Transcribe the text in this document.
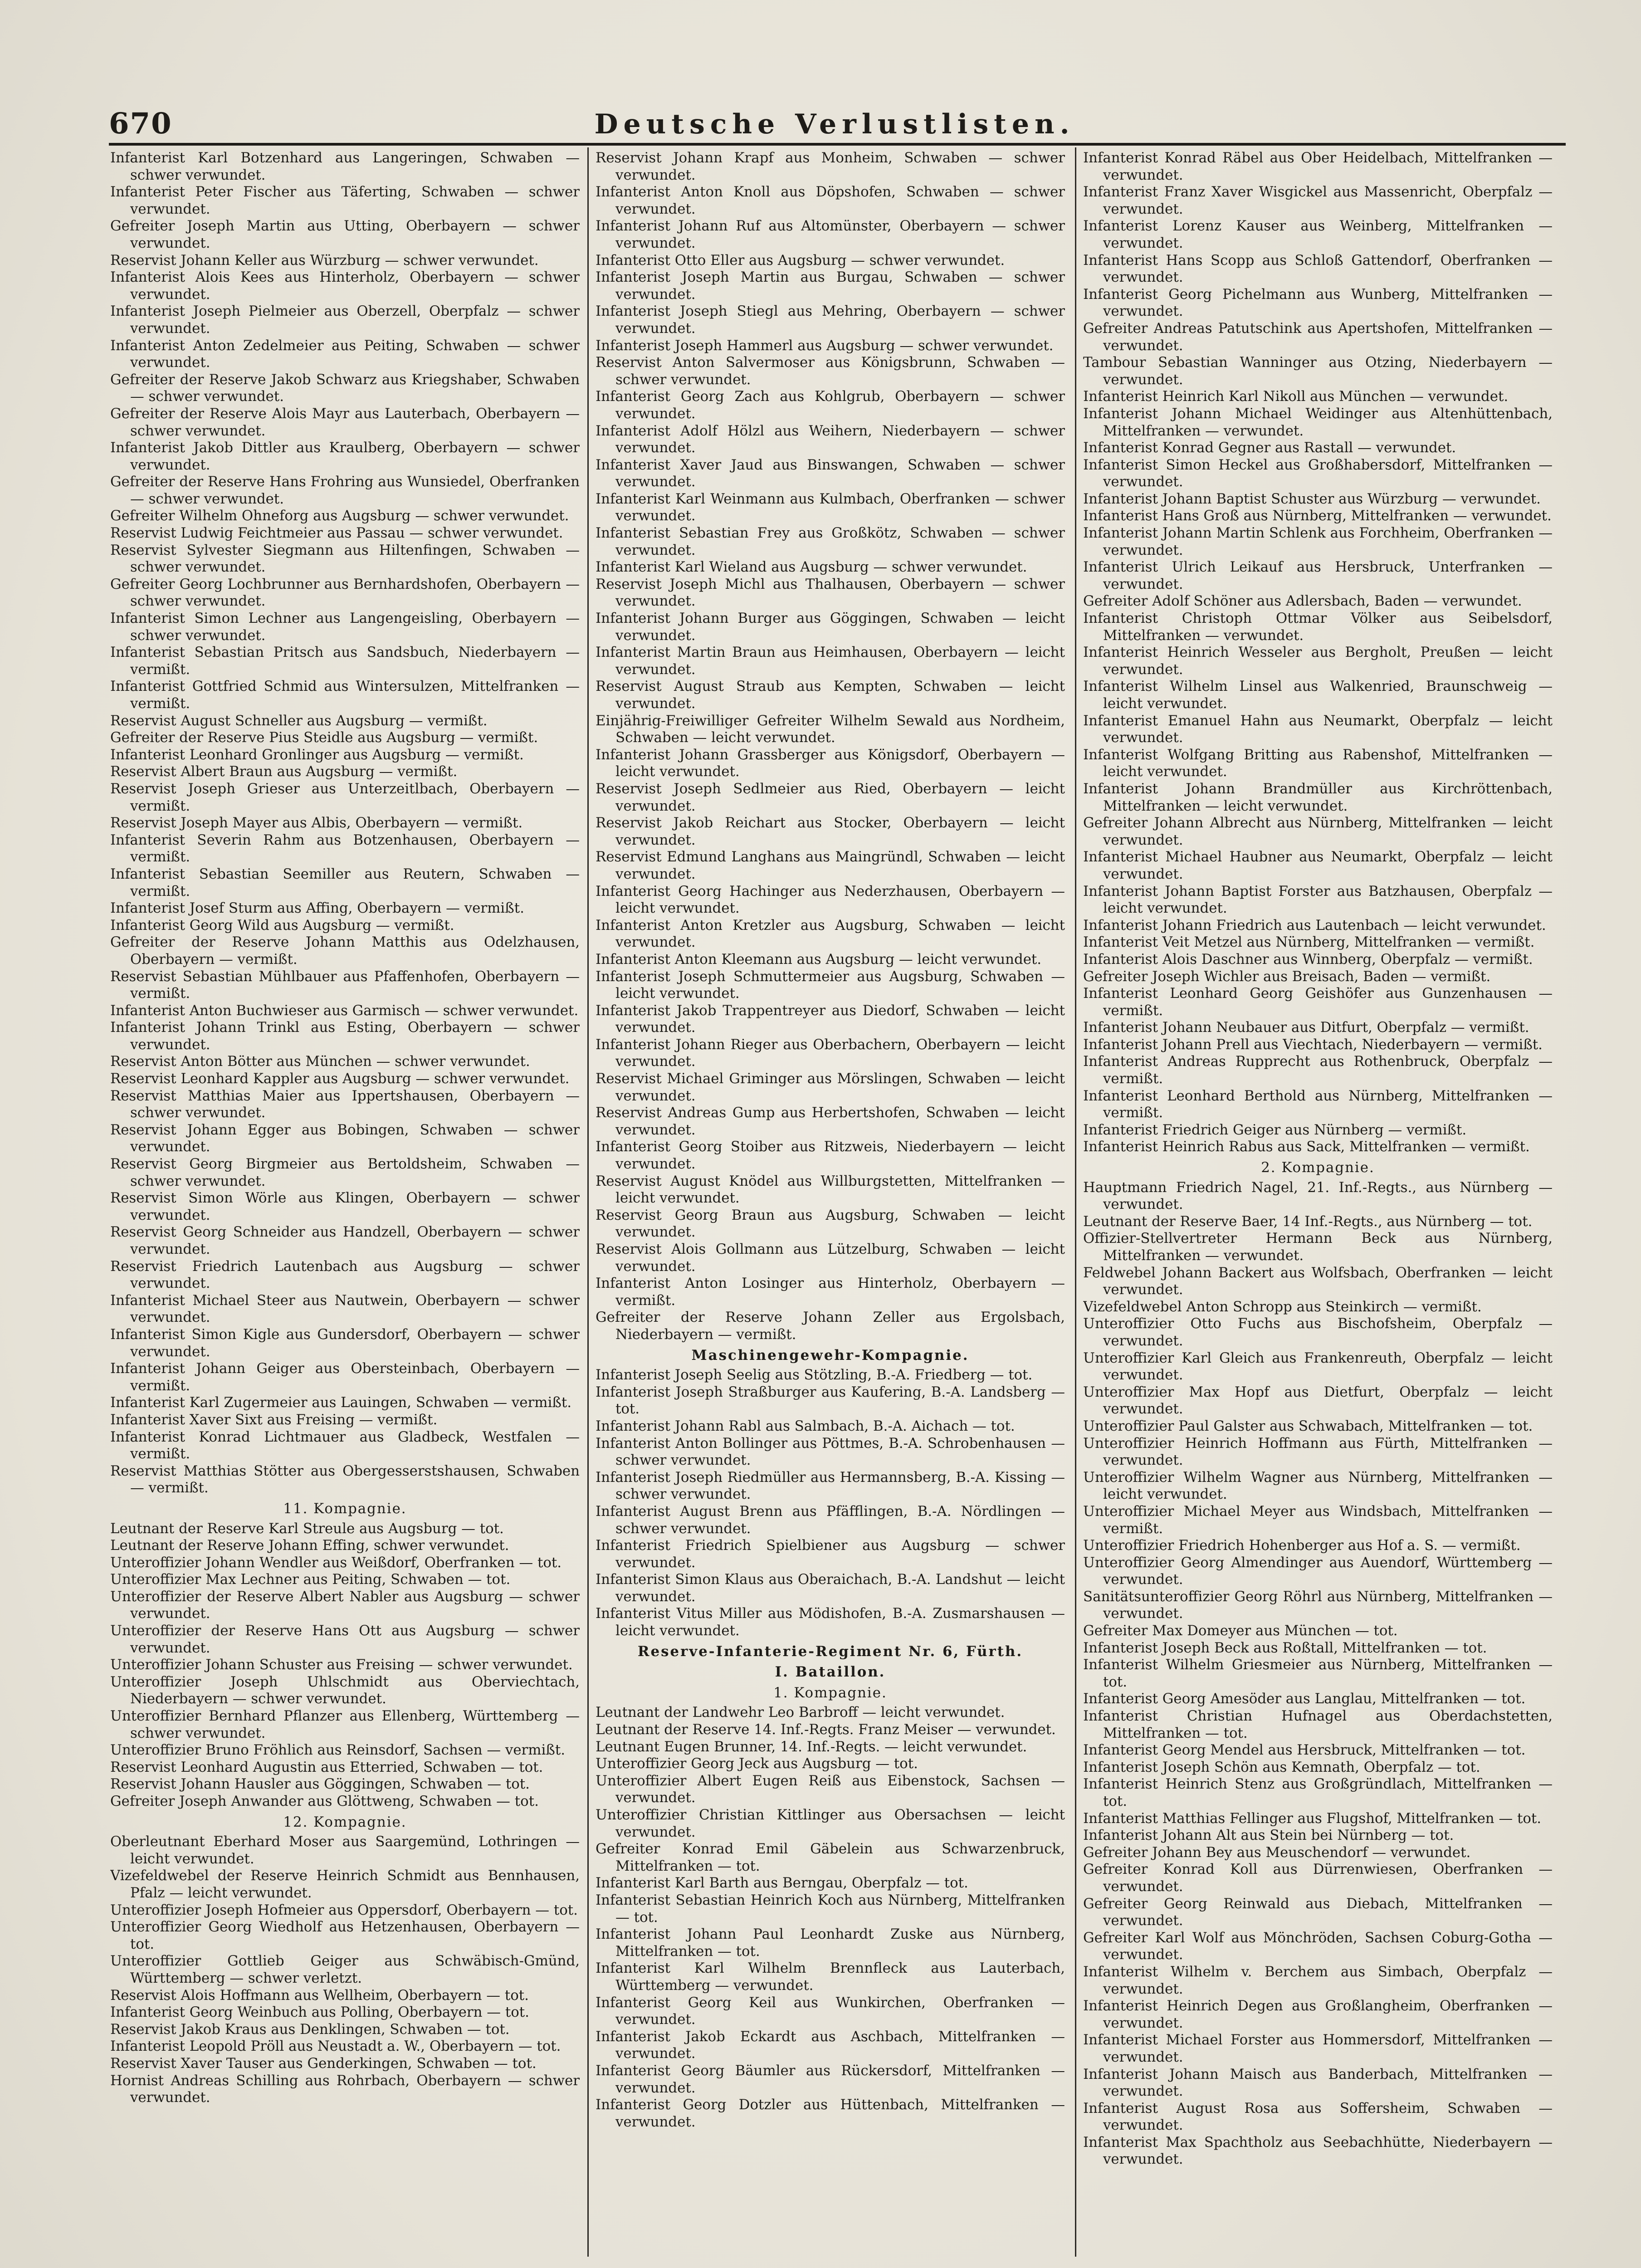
670	Deutsche Verlustlisten.

Infanterist Karl Botzenhard aus Langeringen, Schwaben — schwer verwundet.

Infanterist Peter Fischer aus Täferting, Schwaben — schwer verwundet.

Gefreiter Joseph Martin aus Utting, Oberbayern — schwer verwundet.

Reservist Johann Keller aus Würzburg — schwer verwundet.

Infanterist Alois Kees aus Hinterholz, Oberbayern — schwer verwundet.

Infanterist Joseph Pielmeier aus Oberzell, Oberpfalz — schwer verwundet.

Infanterist Anton Zedelmeier aus Peiting, Schwaben — schwer verwundet.

Gefreiter der Reserve Jakob Schwarz aus Kriegshaber, Schwaben — schwer verwundet.

Gefreiter der Reserve Alois Mayr aus Lauterbach, Oberbayern — schwer verwundet.

Infanterist Jakob Dittler aus Kraulberg, Oberbayern — schwer verwundet.

Gefreiter der Reserve Hans Frohring aus Wunsiedel, Oberfranken — schwer verwundet.

Gefreiter Wilhelm Ohneforg aus Augsburg — schwer verwundet.

Reservist Ludwig Feichtmeier aus Passau — schwer verwundet.

Reservist Sylvester Siegmann aus Hiltenfingen, Schwaben — schwer verwundet.

Gefreiter Georg Lochbrunner aus Bernhardshofen, Oberbayern — schwer verwundet.

Infanterist Simon Lechner aus Langengeisling, Oberbayern — schwer verwundet.

Infanterist Sebastian Pritsch aus Sandsbuch, Niederbayern — vermißt.

Infanterist Gottfried Schmid aus Wintersulzen, Mittelfranken — vermißt.

Reservist August Schneller aus Augsburg — vermißt.

Gefreiter der Reserve Pius Steidle aus Augsburg — vermißt.

Infanterist Leonhard Gronlinger aus Augsburg — vermißt.

Reservist Albert Braun aus Augsburg — vermißt.

Reservist Joseph Grieser aus Unterzeitlbach, Oberbayern — vermißt.

Reservist Joseph Mayer aus Albis, Oberbayern — vermißt.

Infanterist Severin Rahm aus Botzenhausen, Oberbayern — vermißt.

Infanterist Sebastian Seemiller aus Reutern, Schwaben — vermißt.

Infanterist Josef Sturm aus Affing, Oberbayern — vermißt.

Infanterist Georg Wild aus Augsburg — vermißt.

Gefreiter der Reserve Johann Matthis aus Odelzhausen, Oberbayern — vermißt.

Reservist Sebastian Mühlbauer aus Pfaffenhofen, Oberbayern — vermißt.

Infanterist Anton Buchwieser aus Garmisch — schwer verwundet.

Infanterist Johann Trinkl aus Esting, Oberbayern — schwer verwundet.

Reservist Anton Bötter aus München — schwer verwundet.

Reservist Leonhard Kappler aus Augsburg — schwer verwundet.

Reservist Matthias Maier aus Ippertshausen, Oberbayern — schwer verwundet.

Reservist Johann Egger aus Bobingen, Schwaben — schwer verwundet.

Reservist Georg Birgmeier aus Bertoldsheim, Schwaben — schwer verwundet.

Reservist Simon Wörle aus Klingen, Oberbayern — schwer verwundet.

Reservist Georg Schneider aus Handzell, Oberbayern — schwer verwundet.

Reservist Friedrich Lautenbach aus Augsburg — schwer verwundet.

Infanterist Michael Steer aus Nautwein, Oberbayern — schwer verwundet.

Infanterist Simon Kigle aus Gundersdorf, Oberbayern — schwer verwundet.

Infanterist Johann Geiger aus Obersteinbach, Oberbayern — vermißt.

Infanterist Karl Zugermeier aus Lauingen, Schwaben — vermißt.

Infanterist Xaver Sixt aus Freising — vermißt.

Infanterist Konrad Lichtmauer aus Gladbeck, Westfalen — vermißt.

Reservist Matthias Stötter aus Obergesserstshausen, Schwaben — vermißt.

11. Kompagnie.

Leutnant der Reserve Karl Streule aus Augsburg — tot.

Leutnant der Reserve Johann Effing, schwer verwundet.

Unteroffizier Johann Wendler aus Weißdorf, Oberfranken — tot.

Unteroffizier Max Lechner aus Peiting, Schwaben — tot.

Unteroffizier der Reserve Albert Nabler aus Augsburg — schwer verwundet.

Unteroffizier der Reserve Hans Ott aus Augsburg — schwer verwundet.

Unteroffizier Johann Schuster aus Freising — schwer verwundet.

Unteroffizier Joseph Uhlschmidt aus Oberviechtach, Niederbayern — schwer verwundet.

Unteroffizier Bernhard Pflanzer aus Ellenberg, Württemberg — schwer verwundet.

Unteroffizier Bruno Fröhlich aus Reinsdorf, Sachsen — vermißt.

Reservist Leonhard Augustin aus Etterried, Schwaben — tot.

Reservist Johann Hausler aus Göggingen, Schwaben — tot.

Gefreiter Joseph Anwander aus Glöttweng, Schwaben — tot.

12. Kompagnie.

Oberleutnant Eberhard Moser aus Saargemünd, Lothringen — leicht verwundet.

Vizefeldwebel der Reserve Heinrich Schmidt aus Bennhausen, Pfalz — leicht verwundet.

Unteroffizier Joseph Hofmeier aus Oppersdorf, Oberbayern — tot.

Unteroffizier Georg Wiedholf aus Hetzenhausen, Oberbayern — tot.

Unteroffizier Gottlieb Geiger aus Schwäbisch-Gmünd, Württemberg — schwer verletzt.

Reservist Alois Hoffmann aus Wellheim, Oberbayern — tot.

Infanterist Georg Weinbuch aus Polling, Oberbayern — tot.

Reservist Jakob Kraus aus Denklingen, Schwaben — tot.

Infanterist Leopold Pröll aus Neustadt a. W., Oberbayern — tot.

Reservist Xaver Tauser aus Genderkingen, Schwaben — tot.

Hornist Andreas Schilling aus Rohrbach, Oberbayern — schwer verwundet.

Reservist Johann Krapf aus Monheim, Schwaben — schwer verwundet.

Infanterist Anton Knoll aus Döpshofen, Schwaben — schwer verwundet.

Infanterist Johann Ruf aus Altomünster, Oberbayern — schwer verwundet.

Infanterist Otto Eller aus Augsburg — schwer verwundet.

Infanterist Joseph Martin aus Burgau, Schwaben — schwer verwundet.

Infanterist Joseph Stiegl aus Mehring, Oberbayern — schwer verwundet.

Infanterist Joseph Hammerl aus Augsburg — schwer verwundet.

Reservist Anton Salvermoser aus Königsbrunn, Schwaben — schwer verwundet.

Infanterist Georg Zach aus Kohlgrub, Oberbayern — schwer verwundet.

Infanterist Adolf Hölzl aus Weihern, Niederbayern — schwer verwundet.

Infanterist Xaver Jaud aus Binswangen, Schwaben — schwer verwundet.

Infanterist Karl Weinmann aus Kulmbach, Oberfranken — schwer verwundet.

Infanterist Sebastian Frey aus Großkötz, Schwaben — schwer verwundet.

Infanterist Karl Wieland aus Augsburg — schwer verwundet.

Reservist Joseph Michl aus Thalhausen, Oberbayern — schwer verwundet.

Infanterist Johann Burger aus Göggingen, Schwaben — leicht verwundet.

Infanterist Martin Braun aus Heimhausen, Oberbayern — leicht verwundet.

Reservist August Straub aus Kempten, Schwaben — leicht verwundet.

Einjährig-Freiwilliger Gefreiter Wilhelm Sewald aus Nordheim, Schwaben — leicht verwundet.

Infanterist Johann Grassberger aus Königsdorf, Oberbayern — leicht verwundet.

Reservist Joseph Sedlmeier aus Ried, Oberbayern — leicht verwundet.

Reservist Jakob Reichart aus Stocker, Oberbayern — leicht verwundet.

Reservist Edmund Langhans aus Maingründl, Schwaben — leicht verwundet.

Infanterist Georg Hachinger aus Nederzhausen, Oberbayern — leicht verwundet.

Infanterist Anton Kretzler aus Augsburg, Schwaben — leicht verwundet.

Infanterist Anton Kleemann aus Augsburg — leicht verwundet.

Infanterist Joseph Schmuttermeier aus Augsburg, Schwaben — leicht verwundet.

Infanterist Jakob Trappentreyer aus Diedorf, Schwaben — leicht verwundet.

Infanterist Johann Rieger aus Oberbachern, Oberbayern — leicht verwundet.

Reservist Michael Griminger aus Mörslingen, Schwaben — leicht verwundet.

Reservist Andreas Gump aus Herbertshofen, Schwaben — leicht verwundet.

Infanterist Georg Stoiber aus Ritzweis, Niederbayern — leicht verwundet.

Reservist August Knödel aus Willburgstetten, Mittelfranken — leicht verwundet.

Reservist Georg Braun aus Augsburg, Schwaben — leicht verwundet.

Reservist Alois Gollmann aus Lützelburg, Schwaben — leicht verwundet.

Infanterist Anton Losinger aus Hinterholz, Oberbayern — vermißt.

Gefreiter der Reserve Johann Zeller aus Ergolsbach, Niederbayern — vermißt.

Maschinengewehr-Kompagnie.

Infanterist Joseph Seelig aus Stötzling, B.-A. Friedberg — tot.

Infanterist Joseph Straßburger aus Kaufering, B.-A. Landsberg — tot.

Infanterist Johann Rabl aus Salmbach, B.-A. Aichach — tot.

Infanterist Anton Bollinger aus Pöttmes, B.-A. Schrobenhausen — schwer verwundet.

Infanterist Joseph Riedmüller aus Hermannsberg, B.-A. Kissing — schwer verwundet.

Infanterist August Brenn aus Pfäfflingen, B.-A. Nördlingen — schwer verwundet.

Infanterist Friedrich Spielbiener aus Augsburg — schwer verwundet.

Infanterist Simon Klaus aus Oberaichach, B.-A. Landshut — leicht verwundet.

Infanterist Vitus Miller aus Mödishofen, B.-A. Zusmarshausen — leicht verwundet.

Reserve-Infanterie-Regiment Nr. 6, Fürth.

I. Bataillon.

1. Kompagnie.

Leutnant der Landwehr Leo Barbroff — leicht verwundet.

Leutnant der Reserve 14. Inf.-Regts. Franz Meiser — verwundet.

Leutnant Eugen Brunner, 14. Inf.-Regts. — leicht verwundet.

Unteroffizier Georg Jeck aus Augsburg — tot.

Unteroffizier Albert Eugen Reiß aus Eibenstock, Sachsen — verwundet.

Unteroffizier Christian Kittlinger aus Obersachsen — leicht verwundet.

Gefreiter Konrad Emil Gäbelein aus Schwarzenbruck, Mittelfranken — tot.

Infanterist Karl Barth aus Berngau, Oberpfalz — tot.

Infanterist Sebastian Heinrich Koch aus Nürnberg, Mittelfranken — tot.

Infanterist Johann Paul Leonhardt Zuske aus Nürnberg, Mittelfranken — tot.

Infanterist Karl Wilhelm Brennfleck aus Lauterbach, Württemberg — verwundet.

Infanterist Georg Keil aus Wunkirchen, Oberfranken — verwundet.

Infanterist Jakob Eckardt aus Aschbach, Mittelfranken — verwundet.

Infanterist Georg Bäumler aus Rückersdorf, Mittelfranken — verwundet.

Infanterist Georg Dotzler aus Hüttenbach, Mittelfranken — verwundet.

Infanterist Konrad Räbel aus Ober Heidelbach, Mittelfranken — verwundet.

Infanterist Franz Xaver Wisgickel aus Massenricht, Oberpfalz — verwundet.

Infanterist Lorenz Kauser aus Weinberg, Mittelfranken — verwundet.

Infanterist Hans Scopp aus Schloß Gattendorf, Oberfranken — verwundet.

Infanterist Georg Pichelmann aus Wunberg, Mittelfranken — verwundet.

Gefreiter Andreas Patutschink aus Apertshofen, Mittelfranken — verwundet.

Tambour Sebastian Wanninger aus Otzing, Niederbayern — verwundet.

Infanterist Heinrich Karl Nikoll aus München — verwundet.

Infanterist Johann Michael Weidinger aus Altenhüttenbach, Mittelfranken — verwundet.

Infanterist Konrad Gegner aus Rastall — verwundet.

Infanterist Simon Heckel aus Großhabersdorf, Mittelfranken — verwundet.

Infanterist Johann Baptist Schuster aus Würzburg — verwundet.

Infanterist Hans Groß aus Nürnberg, Mittelfranken — verwundet.

Infanterist Johann Martin Schlenk aus Forchheim, Oberfranken — verwundet.

Infanterist Ulrich Leikauf aus Hersbruck, Unterfranken — verwundet.

Gefreiter Adolf Schöner aus Adlersbach, Baden — verwundet.

Infanterist Christoph Ottmar Völker aus Seibelsdorf, Mittelfranken — verwundet.

Infanterist Heinrich Wesseler aus Bergholt, Preußen — leicht verwundet.

Infanterist Wilhelm Linsel aus Walkenried, Braunschweig — leicht verwundet.

Infanterist Emanuel Hahn aus Neumarkt, Oberpfalz — leicht verwundet.

Infanterist Wolfgang Britting aus Rabenshof, Mittelfranken — leicht verwundet.

Infanterist Johann Brandmüller aus Kirchröttenbach, Mittelfranken — leicht verwundet.

Gefreiter Johann Albrecht aus Nürnberg, Mittelfranken — leicht verwundet.

Infanterist Michael Haubner aus Neumarkt, Oberpfalz — leicht verwundet.

Infanterist Johann Baptist Forster aus Batzhausen, Oberpfalz — leicht verwundet.

Infanterist Johann Friedrich aus Lautenbach — leicht verwundet.

Infanterist Veit Metzel aus Nürnberg, Mittelfranken — vermißt.

Infanterist Alois Daschner aus Winnberg, Oberpfalz — vermißt.

Gefreiter Joseph Wichler aus Breisach, Baden — vermißt.

Infanterist Leonhard Georg Geishöfer aus Gunzenhausen — vermißt.

Infanterist Johann Neubauer aus Ditfurt, Oberpfalz — vermißt.

Infanterist Johann Prell aus Viechtach, Niederbayern — vermißt.

Infanterist Andreas Rupprecht aus Rothenbruck, Oberpfalz — vermißt.

Infanterist Leonhard Berthold aus Nürnberg, Mittelfranken — vermißt.

Infanterist Friedrich Geiger aus Nürnberg — vermißt.

Infanterist Heinrich Rabus aus Sack, Mittelfranken — vermißt.

2. Kompagnie.

Hauptmann Friedrich Nagel, 21. Inf.-Regts., aus Nürnberg — verwundet.

Leutnant der Reserve Baer, 14 Inf.-Regts., aus Nürnberg — tot.

Offizier-Stellvertreter Hermann Beck aus Nürnberg, Mittelfranken — verwundet.

Feldwebel Johann Backert aus Wolfsbach, Oberfranken — leicht verwundet.

Vizefeldwebel Anton Schropp aus Steinkirch — vermißt.

Unteroffizier Otto Fuchs aus Bischofsheim, Oberpfalz — verwundet.

Unteroffizier Karl Gleich aus Frankenreuth, Oberpfalz — leicht verwundet.

Unteroffizier Max Hopf aus Dietfurt, Oberpfalz — leicht verwundet.

Unteroffizier Paul Galster aus Schwabach, Mittelfranken — tot.

Unteroffizier Heinrich Hoffmann aus Fürth, Mittelfranken — verwundet.

Unteroffizier Wilhelm Wagner aus Nürnberg, Mittelfranken — leicht verwundet.

Unteroffizier Michael Meyer aus Windsbach, Mittelfranken — vermißt.

Unteroffizier Friedrich Hohenberger aus Hof a. S. — vermißt.

Unteroffizier Georg Almendinger aus Auendorf, Württemberg — verwundet.

Sanitätsunteroffizier Georg Röhrl aus Nürnberg, Mittelfranken — verwundet.

Gefreiter Max Domeyer aus München — tot.

Infanterist Joseph Beck aus Roßtall, Mittelfranken — tot.

Infanterist Wilhelm Griesmeier aus Nürnberg, Mittelfranken — tot.

Infanterist Georg Amesöder aus Langlau, Mittelfranken — tot.

Infanterist Christian Hufnagel aus Oberdachstetten, Mittelfranken — tot.

Infanterist Georg Mendel aus Hersbruck, Mittelfranken — tot.

Infanterist Joseph Schön aus Kemnath, Oberpfalz — tot.

Infanterist Heinrich Stenz aus Großgründlach, Mittelfranken — tot.

Infanterist Matthias Fellinger aus Flugshof, Mittelfranken — tot.

Infanterist Johann Alt aus Stein bei Nürnberg — tot.

Gefreiter Johann Bey aus Meuschendorf — verwundet.

Gefreiter Konrad Koll aus Dürrenwiesen, Oberfranken — verwundet.

Gefreiter Georg Reinwald aus Diebach, Mittelfranken — verwundet.

Gefreiter Karl Wolf aus Mönchröden, Sachsen Coburg-Gotha — verwundet.

Infanterist Wilhelm v. Berchem aus Simbach, Oberpfalz — verwundet.

Infanterist Heinrich Degen aus Großlangheim, Oberfranken — verwundet.

Infanterist Michael Forster aus Hommersdorf, Mittelfranken — verwundet.

Infanterist Johann Maisch aus Banderbach, Mittelfranken — verwundet.

Infanterist August Rosa aus Soffersheim, Schwaben — verwundet.

Infanterist Max Spachtholz aus Seebachhütte, Niederbayern — verwundet.
